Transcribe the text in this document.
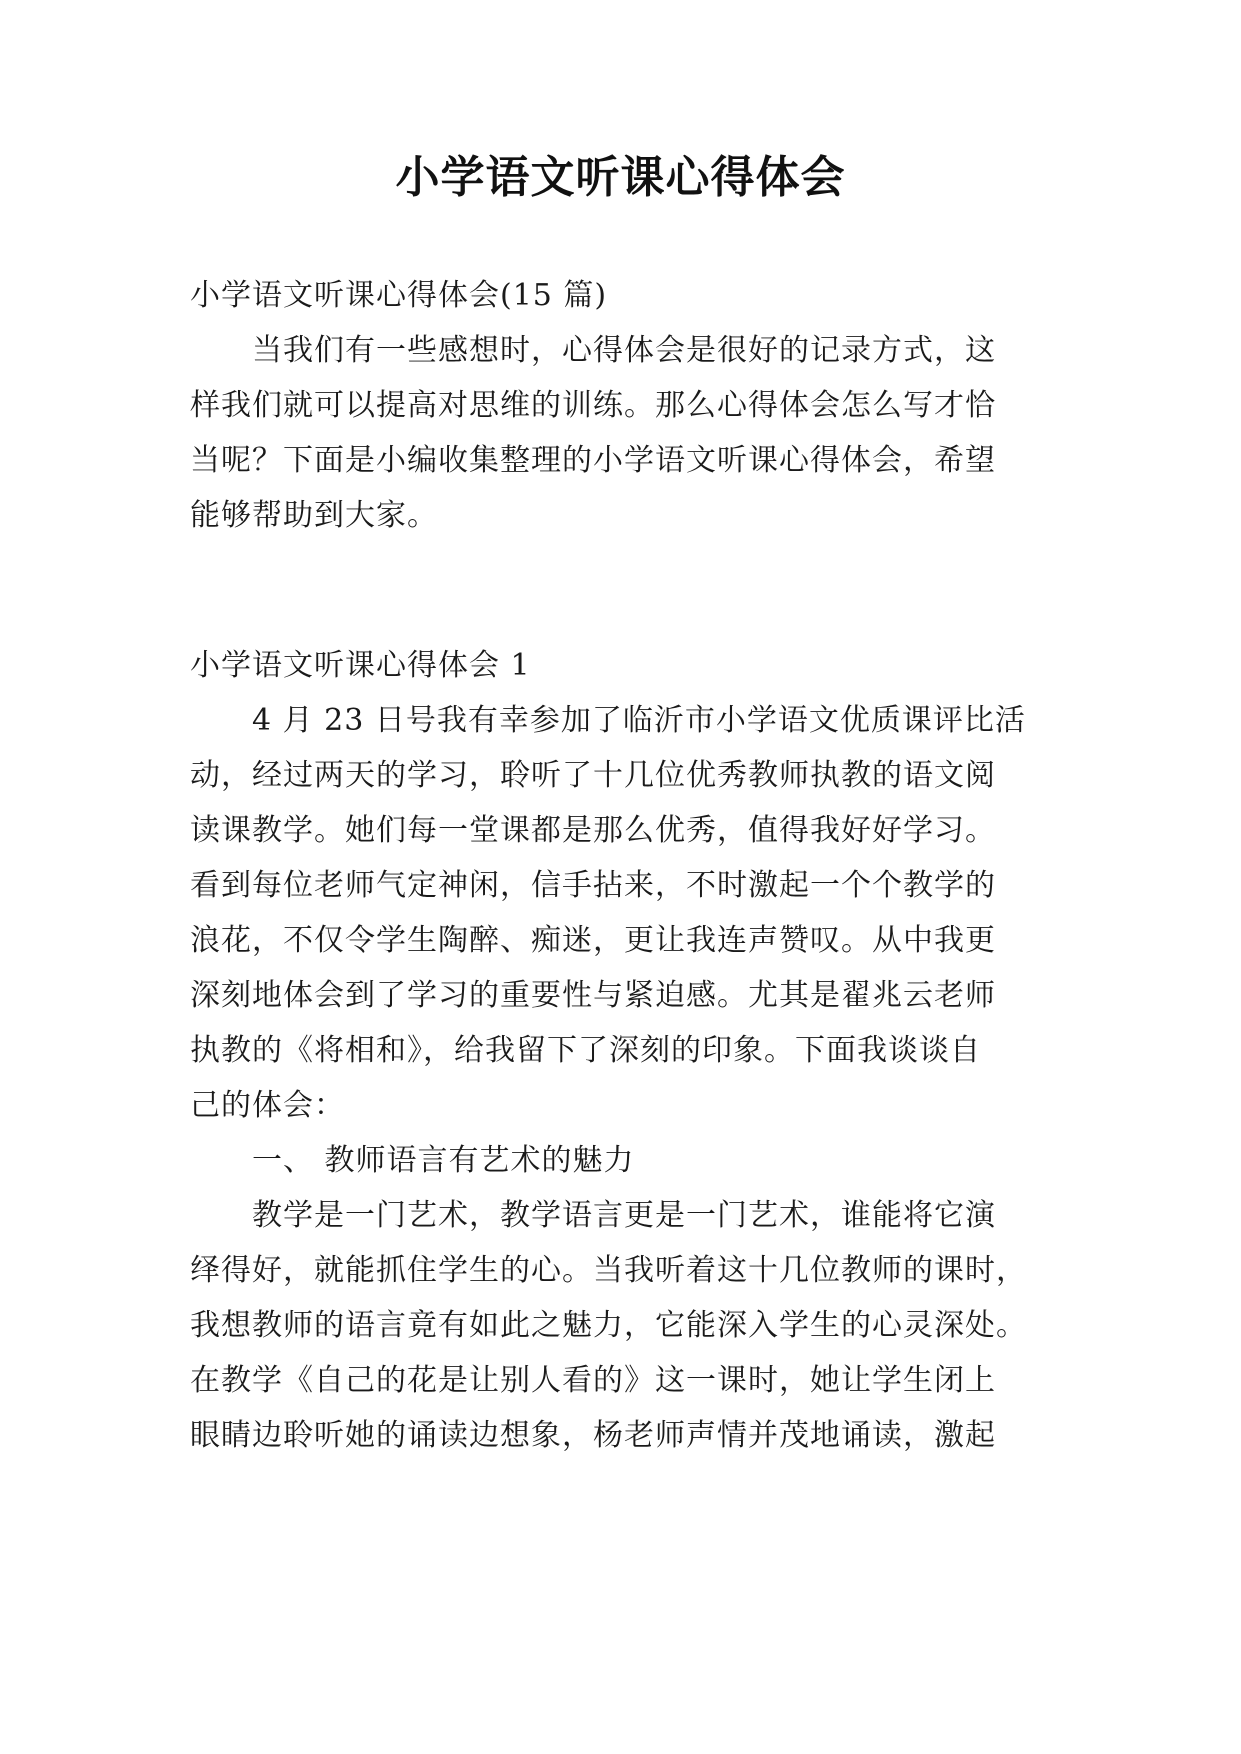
小学语文听课心得体会
小学语文听课心得体会(15 篇)
当我们有一些感想时，心得体会是很好的记录方式，这
样我们就可以提高对思维的训练。那么心得体会怎么写才恰
当呢？下面是小编收集整理的小学语文听课心得体会，希望
能够帮助到大家。
小学语文听课心得体会 1
4 月 23 日号我有幸参加了临沂市小学语文优质课评比活
动，经过两天的学习，聆听了十几位优秀教师执教的语文阅
读课教学。她们每一堂课都是那么优秀，值得我好好学习。
看到每位老师气定神闲，信手拈来，不时激起一个个教学的
浪花，不仅令学生陶醉、痴迷，更让我连声赞叹。从中我更
深刻地体会到了学习的重要性与紧迫感。尤其是翟兆云老师
执教的《将相和》，给我留下了深刻的印象。下面我谈谈自
己的体会：
一、 教师语言有艺术的魅力
教学是一门艺术，教学语言更是一门艺术，谁能将它演
绎得好，就能抓住学生的心。当我听着这十几位教师的课时，
我想教师的语言竟有如此之魅力，它能深入学生的心灵深处。
在教学《自己的花是让别人看的》这一课时，她让学生闭上
眼睛边聆听她的诵读边想象，杨老师声情并茂地诵读，激起
